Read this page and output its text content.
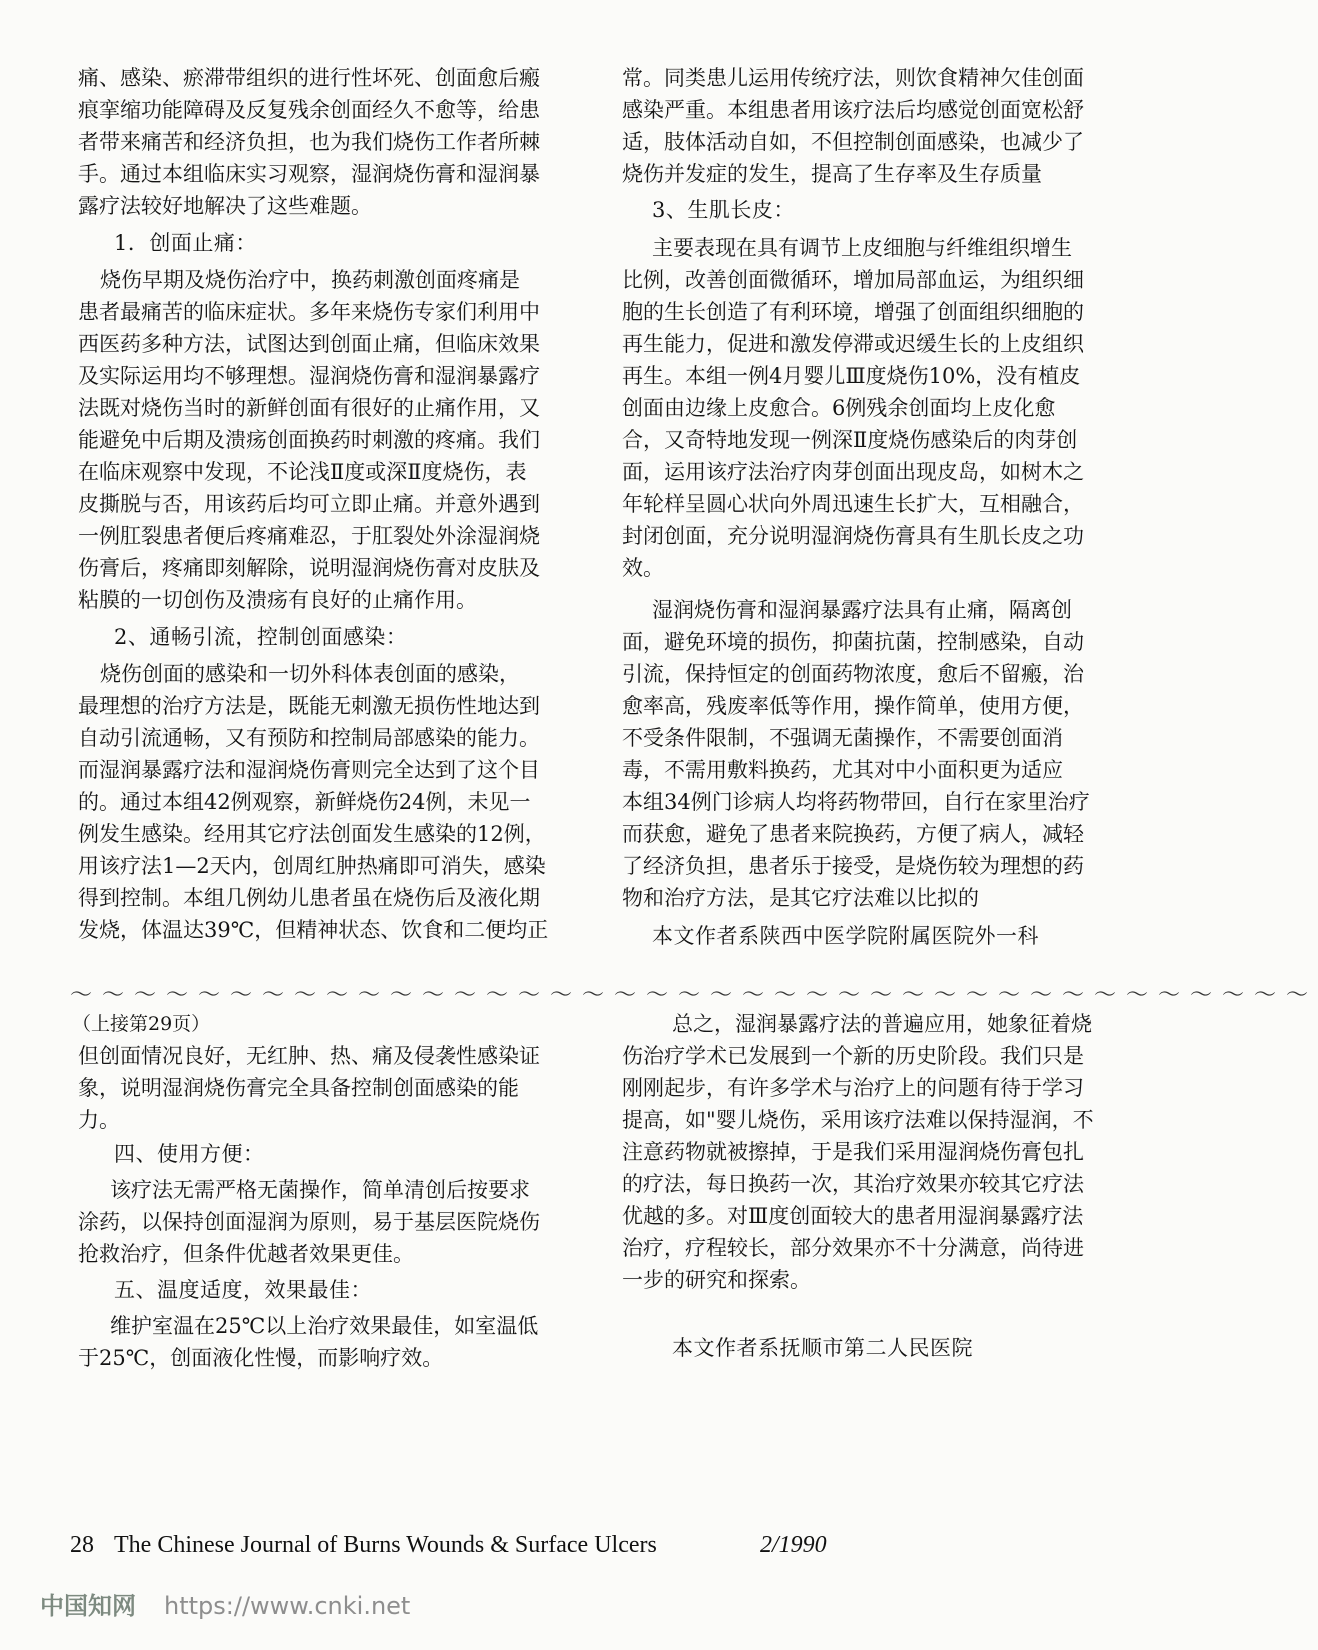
痛、感染、瘀滞带组织的进行性坏死、创面愈后瘢
痕挛缩功能障碍及反复残余创面经久不愈等，给患
者带来痛苦和经济负担，也为我们烧伤工作者所棘
手。通过本组临床实习观察，湿润烧伤膏和湿润暴
露疗法较好地解决了这些难题。
1．创面止痛：
烧伤早期及烧伤治疗中，换药刺激创面疼痛是
患者最痛苦的临床症状。多年来烧伤专家们利用中
西医药多种方法，试图达到创面止痛，但临床效果
及实际运用均不够理想。湿润烧伤膏和湿润暴露疗
法既对烧伤当时的新鲜创面有很好的止痛作用，又
能避免中后期及溃疡创面换药时刺激的疼痛。我们
在临床观察中发现，不论浅Ⅱ度或深Ⅱ度烧伤，表
皮撕脱与否，用该药后均可立即止痛。并意外遇到
一例肛裂患者便后疼痛难忍，于肛裂处外涂湿润烧
伤膏后，疼痛即刻解除，说明湿润烧伤膏对皮肤及
粘膜的一切创伤及溃疡有良好的止痛作用。
2、通畅引流，控制创面感染：
烧伤创面的感染和一切外科体表创面的感染，
最理想的治疗方法是，既能无刺激无损伤性地达到
自动引流通畅，又有预防和控制局部感染的能力。
而湿润暴露疗法和湿润烧伤膏则完全达到了这个目
的。通过本组42例观察，新鲜烧伤24例，未见一
例发生感染。经用其它疗法创面发生感染的12例，
用该疗法1—2天内，创周红肿热痛即可消失，感染
得到控制。本组几例幼儿患者虽在烧伤后及液化期
发烧，体温达39℃，但精神状态、饮食和二便均正
常。同类患儿运用传统疗法，则饮食精神欠佳创面
感染严重。本组患者用该疗法后均感觉创面宽松舒
适，肢体活动自如，不但控制创面感染，也减少了
烧伤并发症的发生，提高了生存率及生存质量
3、生肌长皮：
主要表现在具有调节上皮细胞与纤维组织增生
比例，改善创面微循环，增加局部血运，为组织细
胞的生长创造了有利环境，增强了创面组织细胞的
再生能力，促进和激发停滞或迟缓生长的上皮组织
再生。本组一例4月婴儿Ⅲ度烧伤10%，没有植皮
创面由边缘上皮愈合。6例残余创面均上皮化愈
合，又奇特地发现一例深Ⅱ度烧伤感染后的肉芽创
面，运用该疗法治疗肉芽创面出现皮岛，如树木之
年轮样呈圆心状向外周迅速生长扩大，互相融合，
封闭创面，充分说明湿润烧伤膏具有生肌长皮之功
效。
湿润烧伤膏和湿润暴露疗法具有止痛，隔离创
面，避免环境的损伤，抑菌抗菌，控制感染，自动
引流，保持恒定的创面药物浓度，愈后不留瘢，治
愈率高，残废率低等作用，操作简单，使用方便，
不受条件限制，不强调无菌操作，不需要创面消
毒，不需用敷料换药，尤其对中小面积更为适应
本组34例门诊病人均将药物带回，自行在家里治疗
而获愈，避免了患者来院换药，方便了病人，减轻
了经济负担，患者乐于接受，是烧伤较为理想的药
物和治疗方法，是其它疗法难以比拟的
本文作者系陕西中医学院附属医院外一科
～～～～～～～～～～～～～～～～～～～～～～～～～～～～～～～～～～～～～～～
（上接第29页）
但创面情况良好，无红肿、热、痛及侵袭性感染证
象，说明湿润烧伤膏完全具备控制创面感染的能
力。
四、使用方便：
该疗法无需严格无菌操作，简单清创后按要求
涂药，以保持创面湿润为原则，易于基层医院烧伤
抢救治疗，但条件优越者效果更佳。
五、温度适度，效果最佳：
维护室温在25℃以上治疗效果最佳，如室温低
于25℃，创面液化性慢，而影响疗效。
总之，湿润暴露疗法的普遍应用，她象征着烧
伤治疗学术已发展到一个新的历史阶段。我们只是
刚刚起步，有许多学术与治疗上的问题有待于学习
提高，如"婴儿烧伤，采用该疗法难以保持湿润，不
注意药物就被擦掉，于是我们采用湿润烧伤膏包扎
的疗法，每日换药一次，其治疗效果亦较其它疗法
优越的多。对Ⅲ度创面较大的患者用湿润暴露疗法
治疗，疗程较长，部分效果亦不十分满意，尚待进
一步的研究和探索。
本文作者系抚顺市第二人民医院
28 The Chinese Journal of Burns Wounds & Surface Ulcers	2/1990
中国知网 https://www.cnki.net
